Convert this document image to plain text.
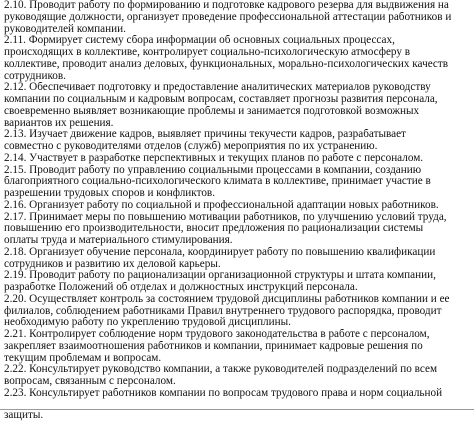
2.10. Проводит работу по формированию и подготовке кадрового резерва для выдвижения на
руководящие должности, организует проведение профессиональной аттестации работников и
руководителей компании.
2.11. Формирует систему сбора информации об основных социальных процессах,
происходящих в коллективе, контролирует социально-психологическую атмосферу в
коллективе, проводит анализ деловых, функциональных, морально-психологических качеств
сотрудников.
2.12. Обеспечивает подготовку и предоставление аналитических материалов руководству
компании по социальным и кадровым вопросам, составляет прогнозы развития персонала,
своевременно выявляет возникающие проблемы и занимается подготовкой возможных
вариантов их решения.
2.13. Изучает движение кадров, выявляет причины текучести кадров, разрабатывает
совместно с руководителями отделов (служб) мероприятия по их устранению.
2.14. Участвует в разработке перспективных и текущих планов по работе с персоналом.
2.15. Проводит работу по управлению социальными процессами в компании, созданию
благоприятного социально-психологического климата в коллективе, принимает участие в
разрешении трудовых споров и конфликтов.
2.16. Организует работу по социальной и профессиональной адаптации новых работников.
2.17. Принимает меры по повышению мотивации работников, по улучшению условий труда,
повышению его производительности, вносит предложения по рационализации системы
оплаты труда и материального стимулирования.
2.18. Организует обучение персонала, координирует работу по повышению квалификации
сотрудников и развитию их деловой карьеры.
2.19. Проводит работу по рационализации организационной структуры и штата компании,
разработке Положений об отделах и должностных инструкций персонала.
2.20. Осуществляет контроль за состоянием трудовой дисциплины работников компании и ее
филиалов, соблюдением работниками Правил внутреннего трудового распорядка, проводит
необходимую работу по укреплению трудовой дисциплины.
2.21. Контролирует соблюдение норм трудового законодательства в работе с персоналом,
закрепляет взаимоотношения работников и компании, принимает кадровые решения по
текущим проблемам и вопросам.
2.22. Консультирует руководство компании, а также руководителей подразделений по всем
вопросам, связанным с персоналом.
2.23. Консультирует работников компании по вопросам трудового права и норм социальной
защиты.
